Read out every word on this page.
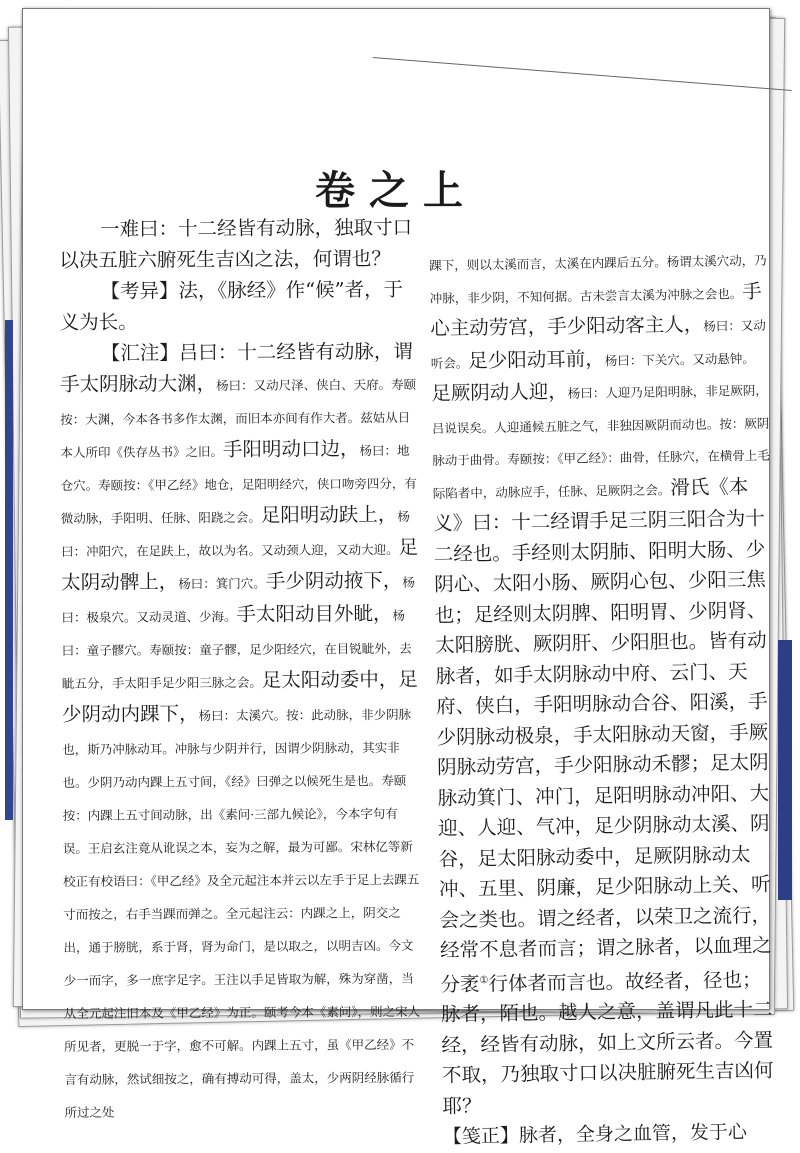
卷之上

一难曰：十二经皆有动脉，独取寸口以决五脏六腑死生吉凶之法，何谓也？

【考异】法，《脉经》作“候”者，于义为长。

【汇注】吕曰：十二经皆有动脉，谓手太阴脉动大渊，杨曰：又动尺泽、侠白、天府。寿颐按：大渊，今本各书多作太渊，而旧本亦间有作大者。兹姑从日本人所印《佚存丛书》之旧。手阳明动口边，杨曰：地仓穴。寿颐按：《甲乙经》地仓，足阳明经穴，侠口吻旁四分，有微动脉，手阳明、任脉、阳跷之会。足阳明动趺上，杨曰：冲阳穴，在足趺上，故以为名。又动颈人迎，又动大迎。足太阴动髀上，杨曰：箕门穴。手少阴动掖下，杨曰：极泉穴。又动灵道、少海。手太阳动目外眦，杨曰：童子髎穴。寿颐按：童子髎，足少阳经穴，在目锐眦外，去眦五分，手太阳手足少阳三脉之会。足太阳动委中，足少阴动内踝下，杨曰：太溪穴。按：此动脉，非少阴脉也，斯乃冲脉动耳。冲脉与少阴并行，因谓少阴脉动，其实非也。少阴乃动内踝上五寸间，《经》曰弹之以候死生是也。寿颐按：内踝上五寸间动脉，出《素问·三部九候论》，今本字句有误。王启玄注竟从讹误之本，妄为之解，最为可鄙。宋林亿等新校正有校语曰：《甲乙经》及全元起注本并云以左手于足上去踝五寸而按之，右手当踝而弹之。全元起注云：内踝之上，阴交之出，通于膀胱，系于肾，肾为命门，是以取之，以明吉凶。今文少一而字，多一庶字足字。王注以手足皆取为解，殊为穿凿，当从全元起注旧本及《甲乙经》为正。颐考今本《素问》，则之宋人所见者，更脱一于字，愈不可解。内踝上五寸，虽《甲乙经》不言有动脉，然试细按之，确有搏动可得，盖太，少两阴经脉循行所过之处

踝下，则以太溪而言，太溪在内踝后五分。杨谓太溪穴动，乃冲脉，非少阴，不知何据。古未尝言太溪为冲脉之会也。手心主动劳宫，手少阳动客主人，杨曰：又动听会。足少阳动耳前，杨曰：下关穴。又动悬钟。足厥阴动人迎，杨曰：人迎乃足阳明脉，非足厥阴，吕说误矣。人迎通候五脏之气，非独因厥阴而动也。按：厥阴脉动于曲骨。寿颐按：《甲乙经》：曲骨，任脉穴，在横骨上毛际陷者中，动脉应手，任脉、足厥阴之会。滑氏《本义》曰：十二经谓手足三阴三阳合为十二经也。手经则太阴肺、阳明大肠、少阴心、太阳小肠、厥阴心包、少阳三焦也；足经则太阴脾、阳明胃、少阴肾、太阳膀胱、厥阴肝、少阳胆也。皆有动脉者，如手太阴脉动中府、云门、天府、侠白，手阳明脉动合谷、阳溪，手少阴脉动极泉，手太阳脉动天窗，手厥阴脉动劳宫，手少阳脉动禾髎；足太阴脉动箕门、冲门，足阳明脉动冲阳、大迎、人迎、气冲，足少阴脉动太溪、阴谷，足太阳脉动委中，足厥阴脉动太冲、五里、阴廉，足少阳脉动上关、听会之类也。谓之经者，以荣卫之流行，经常不息者而言；谓之脉者，以血理之分袤①行体者而言也。故经者，径也；脉者，陌也。越人之意，盖谓凡此十二经，经皆有动脉，如上文所云者。今置不取，乃独取寸口以决脏腑死生吉凶何耶？

【笺正】脉者，全身之血管，发于心
